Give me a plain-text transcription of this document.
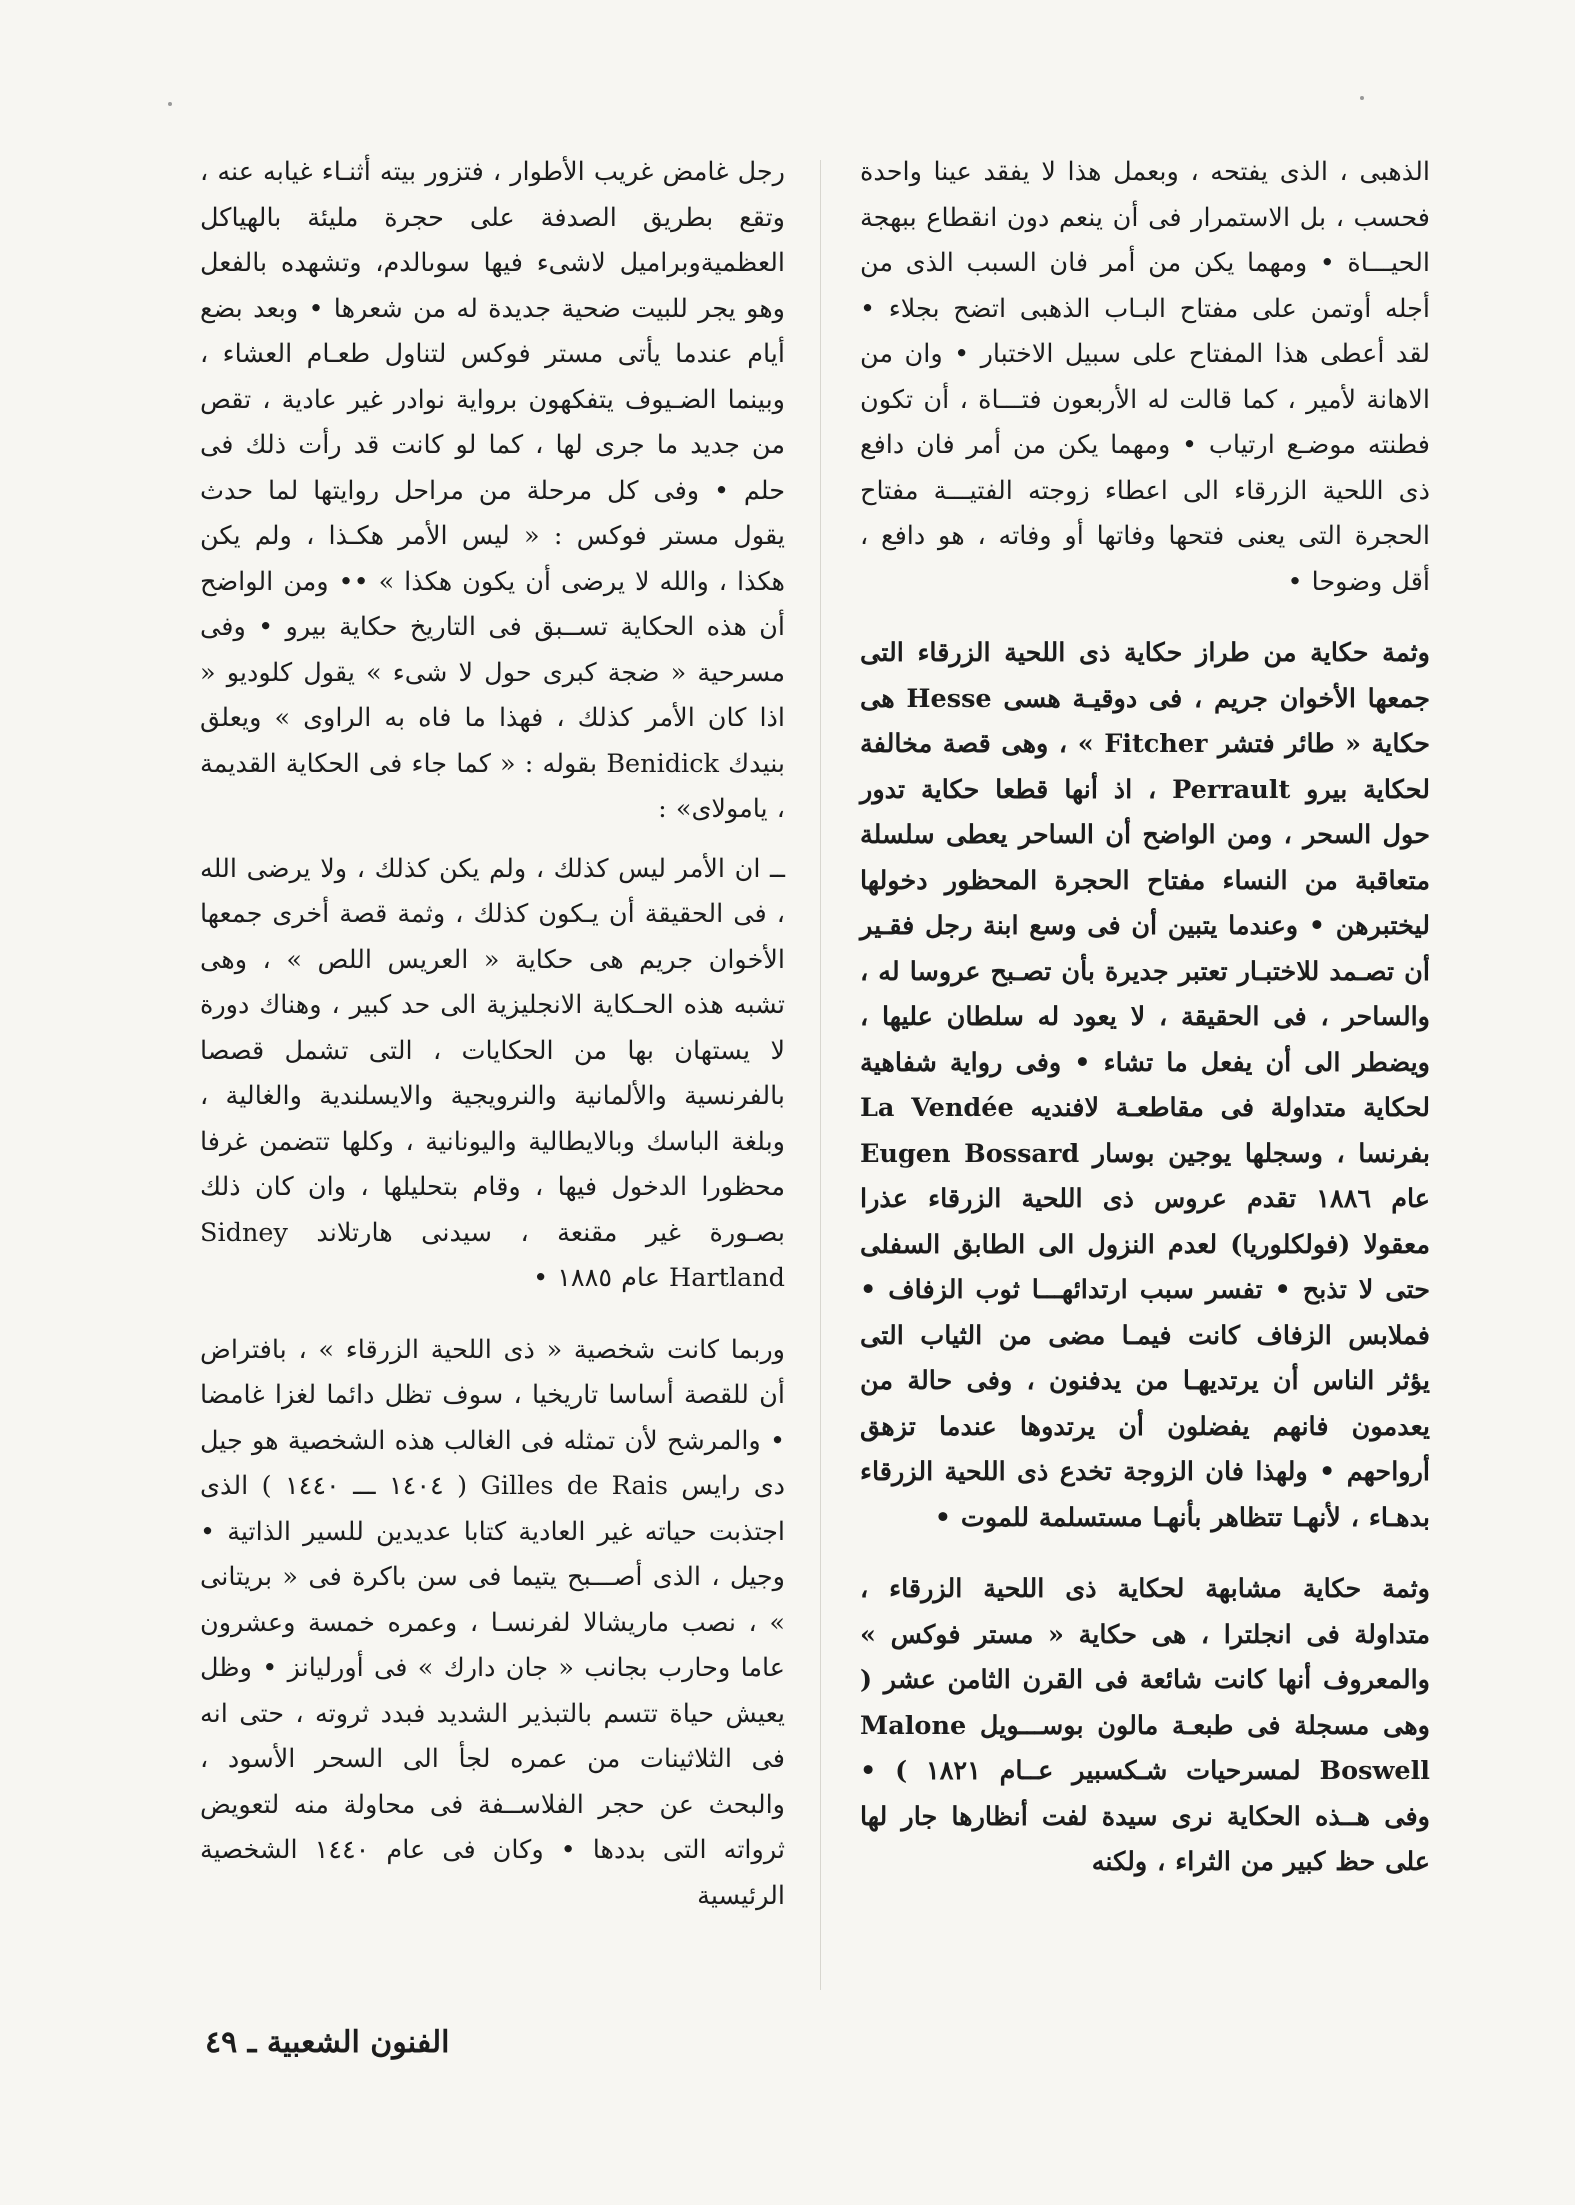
الذهبى ، الذى يفتحه ، وبعمل هذا لا يفقد عينا واحدة فحسب ، بل الاستمرار فى أن ينعم دون انقطاع ببهجة الحيـــاة • ومهما يكن من أمر فان السبب الذى من أجله أوتمن على مفتاح البـاب الذهبى اتضح بجلاء • لقد أعطى هذا المفتاح على سبيل الاختبار • وان من الاهانة لأمير ، كما قالت له الأربعون فتـــاة ، أن تكون فطنته موضـع ارتياب • ومهما يكن من أمر فان دافع ذى اللحية الزرقاء الى اعطاء زوجته الفتيـــة مفتاح الحجرة التى يعنى فتحها وفاتها أو وفاته ، هو دافع ، أقل وضوحا •

وثمة حكاية من طراز حكاية ذى اللحية الزرقاء التى جمعها الأخوان جريم ، فى دوقيـة هسى Hesse هى حكاية « طائر فتشر Fitcher » ، وهى قصة مخالفة لحكاية بيرو Perrault ، اذ أنها قطعا حكاية تدور حول السحر ، ومن الواضح أن الساحر يعطى سلسلة متعاقبة من النساء مفتاح الحجرة المحظور دخولها ليختبرهن • وعندما يتبين أن فى وسع ابنة رجل فقـير أن تصـمد للاختبـار تعتبر جديرة بأن تصـبح عروسا له ، والساحر ، فى الحقيقة ، لا يعود له سلطان عليها ، ويضطر الى أن يفعل ما تشاء • وفى رواية شفاهية لحكاية متداولة فى مقاطعـة لافنديه La Vendée بفرنسا ، وسجلها يوجين بوسار Eugen Bossard عام ١٨٨٦ تقدم عروس ذى اللحية الزرقاء عذرا معقولا (فولكلوريا) لعدم النزول الى الطابق السفلى حتى لا تذبح • تفسر سبب ارتدائهـــا ثوب الزفاف • فملابس الزفاف كانت فيمـا مضى من الثياب التى يؤثر الناس أن يرتديهـا من يدفنون ، وفى حالة من يعدمون فانهم يفضلون أن يرتدوها عندما تزهق أرواحهم • ولهذا فان الزوجة تخدع ذى اللحية الزرقاء بدهـاء ، لأنهـا تتظاهر بأنهـا مستسلمة للموت •

وثمة حكاية مشابهة لحكاية ذى اللحية الزرقاء ، متداولة فى انجلترا ، هى حكاية « مستر فوكس » والمعروف أنها كانت شائعة فى القرن الثامن عشر ( وهى مسجلة فى طبعـة مالون بوســـويل Malone Boswell لمسرحيات شـكسبير عــام ١٨٢١ ) • وفى هــذه الحكاية نرى سيدة لفت أنظارها جار لها على حظ كبير من الثراء ، ولكنه

رجل غامض غريب الأطوار ، فتزور بيته أثنـاء غيابه عنه ، وتقع بطريق الصدفة على حجرة مليئة بالهياكل العظميةوبراميل لاشىء فيها سوىالدم، وتشهده بالفعل وهو يجر للبيت ضحية جديدة له من شعرها • وبعد بضع أيام عندما يأتى مستر فوكس لتناول طعـام العشاء ، وبينما الضـيوف يتفكهون برواية نوادر غير عادية ، تقص من جديد ما جرى لها ، كما لو كانت قد رأت ذلك فى حلم • وفى كل مرحلة من مراحل روايتها لما حدث يقول مستر فوكس : « ليس الأمر هكـذا ، ولم يكن هكذا ، والله لا يرضى أن يكون هكذا » •• ومن الواضح أن هذه الحكاية تســبق فى التاريخ حكاية بيرو • وفى مسرحية « ضجة كبرى حول لا شىء » يقول كلوديو « اذا كان الأمر كذلك ، فهذا ما فاه به الراوى » ويعلق بنيدك Benidick بقوله : « كما جاء فى الحكاية القديمة ، ياموﻻى» :

ــ ان الأمر ليس كذلك ، ولم يكن كذلك ، ولا يرضى الله ، فى الحقيقة أن يـكون كذلك ، وثمة قصة أخرى جمعها الأخوان جريم هى حكاية « العريس اللص » ، وهى تشبه هذه الحـكاية الانجليزية الى حد كبير ، وهناك دورة لا يستهان بها من الحكايات ، التى تشمل قصصا بالفرنسية والألمانية والنرويجية والايسلندية والغالية ، وبلغة الباسك وبالايطالية واليونانية ، وكلها تتضمن غرفا محظورا الدخول فيها ، وقام بتحليلها ، وان كان ذلك بصـورة غير مقنعة ، سيدنى هارتلاند Sidney Hartland عام ١٨٨٥ •

وربما كانت شخصية « ذى اللحية الزرقاء » ، بافتراض أن للقصة أساسا تاريخيا ، سوف تظل دائما لغزا غامضا • والمرشح لأن تمثله فى الغالب هذه الشخصية هو جيل دى رايس Gilles de Rais ( ١٤٠٤ ـــ ١٤٤٠ ) الذى اجتذبت حياته غير العادية كتابا عديدين للسير الذاتية • وجيل ، الذى أصـــبح يتيما فى سن باكرة فى « بريتانى » ، نصب ماريشالا لفرنسـا ، وعمره خمسة وعشرون عاما وحارب بجانب « جان دارك » فى أورليانز • وظل يعيش حياة تتسم بالتبذير الشديد فبدد ثروته ، حتى انه فى الثلاثينات من عمره لجأ الى السحر الأسود ، والبحث عن حجر الفلاســفة فى محاولة منه لتعويض ثرواته التى بددها • وكان فى عام ١٤٤٠ الشخصية الرئيسية

الفنون الشعبية ـ ٤٩
